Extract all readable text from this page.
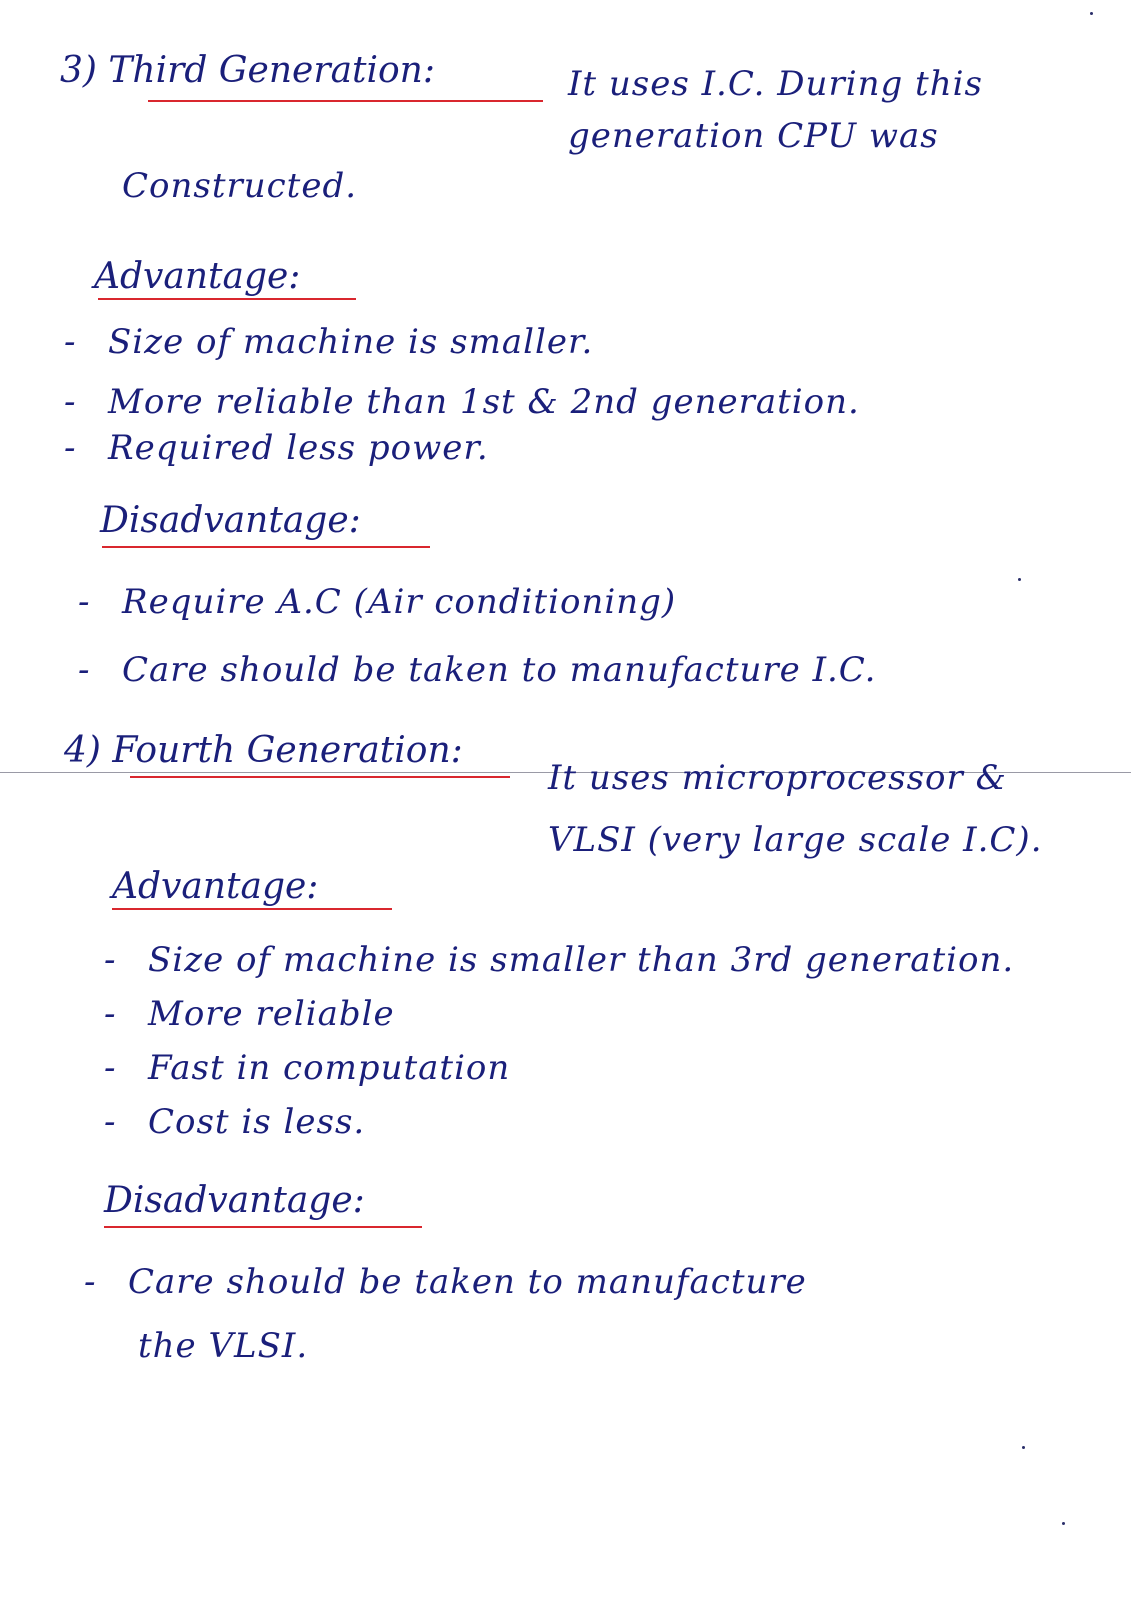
3) Third Generation:	It uses I.C. During this
generation CPU was
Constructed.
Advantage:
- Size of machine is smaller.
- More reliable than 1st & 2nd generation.
- Required less power.
Disadvantage:
- Require A.C (Air conditioning)
- Care should be taken to manufacture I.C.
4) Fourth Generation:
It uses microprocessor &
VLSI (very large scale I.C).
Advantage:
- Size of machine is smaller than 3rd generation.
- More reliable
- Fast in computation
- Cost is less.
Disadvantage:
- Care should be taken to manufacture
the VLSI.
